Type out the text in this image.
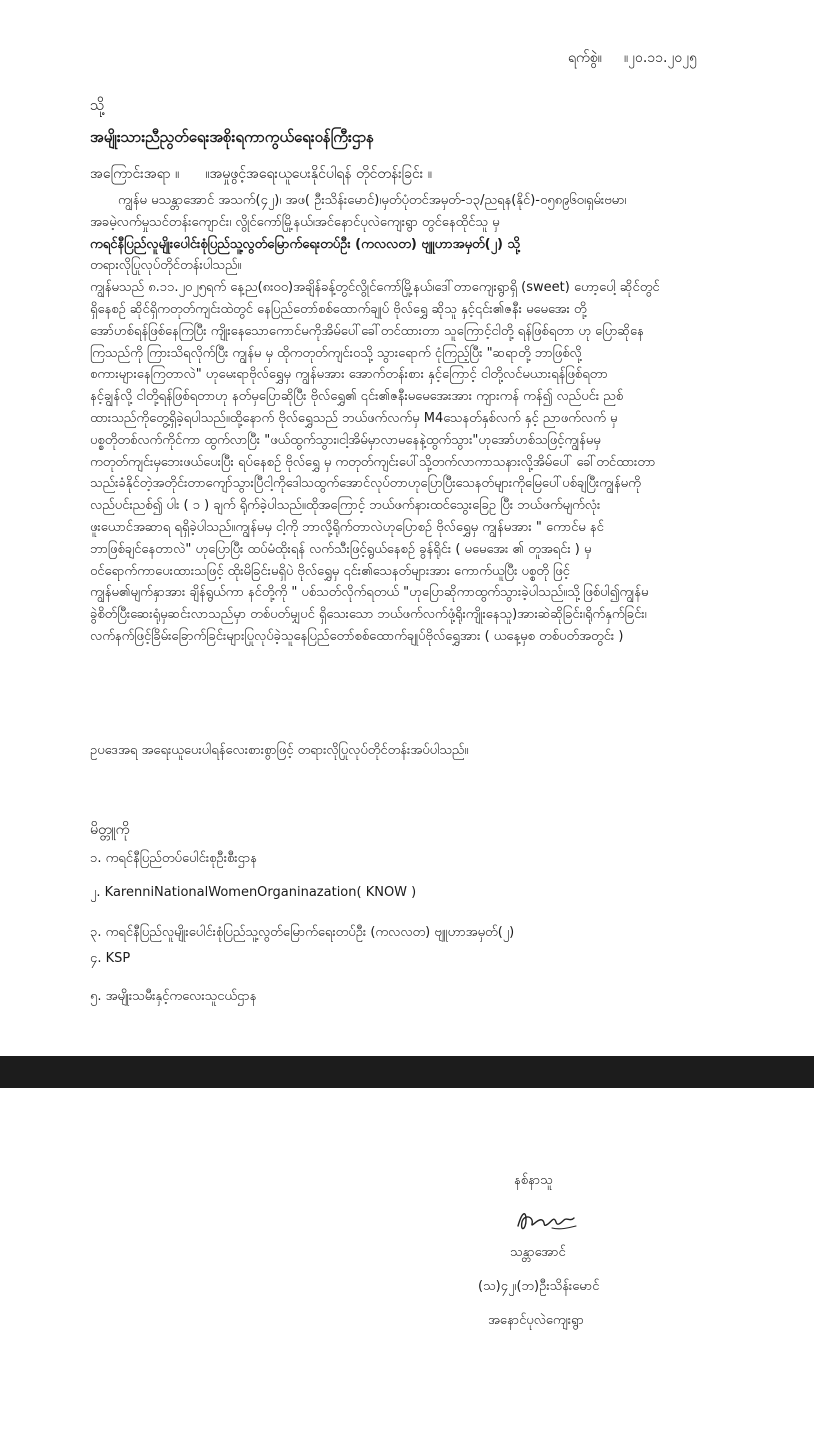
ရက်စွဲ။ ။၂၀.၁၁.၂၀၂၅
သို့
အမျိုးသားညီညွတ်ရေးအစိုးရကာကွယ်ရေးဝန်ကြီးဌာန
အကြောင်းအရာ ။ ။အမှုဖွင့်အရေးယူပေးနိုင်ပါရန် တိုင်တန်းခြင်း ။
ကျွန်မ မသန္တာအောင် အသက်(၄၂)၊ အဖ( ဦးသိန်းမောင်)၊မှတ်ပုံတင်အမှတ်-၁၃/ညရန(နိုင်)-၀၅၈၉၆၀၊ရှမ်းဗမာ၊
အခမဲ့လက်မှုသင်တန်းကျောင်း၊ လွိုင်ကော်မြို့နယ်၊အင်နောင်ပုလဲကျေးရွာ တွင်နေထိုင်သူ မှ
ကရင်နီပြည်လူမျိုးပေါင်းစုံပြည်သူ့လွတ်မြောက်ရေးတပ်ဦး (ကလလတ) ဗျူဟာအမှတ်(၂) သို့
တရားလိုပြုလုပ်တိုင်တန်းပါသည်။
ကျွန်မသည် ၈.၁၁.၂၀၂၅ရက် နေ့ည(၈း၀၀)အချိန်ခန့်တွင်လွိုင်ကော်မြို့နယ်၊ဒေါ်တာကျေးရွာရှိ (sweet) ဟော့ပေါ့ ဆိုင်တွင်
ရှိနေစဉ် ဆိုင်ရှိကတုတ်ကျင်းထဲတွင် နေပြည်တော်စစ်ထောက်ချုပ် ဗိုလ်ရွှေ ဆိုသူ နှင့်၎င်း၏ဇနီး မမေအေး တို့
အော်ဟစ်ရန်ဖြစ်နေကြပြီး ကျိုးနေသောကောင်မကိုအိမ်ပေါ်ခေါ်တင်ထားတာ သူကြောင့်ငါတို့ ရန်ဖြစ်ရတာ ဟု ပြောဆိုနေ
ကြသည်ကို ကြားသိရလိုက်ပြီး ကျွန်မ မှ ထိုကတုတ်ကျင်းဝသို့ သွားရောက် ငုံကြည့်ပြီး "ဆရာတို့ ဘာဖြစ်လို့
စကားများနေကြတာလဲ" ဟုမေးရာဗိုလ်ရွှေမှ ကျွန်မအား အောက်တန်းစား နှင့်ကြောင့် ငါတို့လင်မယားရန်ဖြစ်ရတာ
နင့်ချွန်လို့ ငါတို့ရန်ဖြစ်ရတာဟု နတ်မှပြောဆိုပြီး ဗိုလ်ရွှေ၏ ၎င်း၏ဇနီးမမေအေးအား ကျားကန် ကန်၍ လည်ပင်း ညစ်
ထားသည်ကိုတွေ့ရှိခဲ့ရပါသည်။ထို့နောက် ဗိုလ်ရွှေသည် ဘယ်ဖက်လက်မှ M4သေနတ်နှစ်လက် နှင့် ညာဖက်လက် မှ
ပစ္စတိုတစ်လက်ကိုင်ကာ ထွက်လာပြီး "ဖယ်ထွက်သွား၊ငါ့အိမ်မှာလာမနေနဲ့ထွက်သွား"ဟုအော်ဟစ်သဖြင့်ကျွန်မမှ
ကတုတ်ကျင်းမှဘေးဖယ်ပေးပြီး ရပ်နေစဉ် ဗိုလ်ရွှေ မှ ကတုတ်ကျင်းပေါ်သို့တက်လာကာသနားလို့အိမ်ပေါ် ခေါ်တင်ထားတာ
သည်းခံနိုင်တဲ့အတိုင်းတာကျော်သွားပြီငါ့ကိုဒေါသထွက်အောင်လုပ်တာဟုပြောပြီးသေနတ်များကိုမြေပေါ်ပစ်ချပြီးကျွန်မကို
လည်ပင်းညစ်၍ ပါး ( ၁ ) ချက် ရိုက်ခဲ့ပါသည်။ထိုအကြောင့် ဘယ်ဖက်နားထင်သွေးခြေဥ ပြီး ဘယ်ဖက်မျက်လုံး
ဖူးယောင်အဆာရ ရရှိခဲ့ပါသည်။ကျွန်မမှ ငါ့ကို ဘာလို့ရိုက်တာလဲဟုပြောစဉ် ဗိုလ်ရွှေမှ ကျွန်မအား " ကောင်မ နင်
ဘာဖြစ်ချင်နေတာလဲ" ဟုပြောပြီး ထပ်မံထိုးရန် လက်သီးဖြင့်ရွယ်နေစဉ် ခွန်ရိုင်း ( မမေအေး ၏ တူအရင်း ) မှ
ဝင်ရောက်ကာပေးထားသဖြင့် ထိုးမိခြင်းမရှိပဲ ဗိုလ်ရွှေမှ ၎င်း၏သေနတ်များအား ကောက်ယူပြီး ပစ္စတို ဖြင့်
ကျွန်မ၏မျက်နှာအား ချိန်ရွယ်ကာ နင်တို့ကို " ပစ်သတ်လိုက်ရတယ် "ဟုပြောဆိုကာထွက်သွားခဲ့ပါသည်။သို့ဖြစ်ပါ၍ကျွန်မ
ခွဲစိတ်ပြီးဆေးရုံမှဆင်းလာသည်မှာ တစ်ပတ်မျှပင် ရှိသေးသော ဘယ်ဖက်လက်ဖုံ့ရိုးကျိုးနေသူ)အားဆဲဆိုခြင်း၊ရိုက်နှက်ခြင်း၊
လက်နက်ဖြင့်ခြိမ်းခြောက်ခြင်းများပြုလုပ်ခဲ့သူနေပြည်တော်စစ်ထောက်ချုပ်ဗိုလ်ရွှေအား ( ယနေ့မှစ တစ်ပတ်အတွင်း )
ဥပဒေအရ အရေးယူပေးပါရန်လေးစားစွာဖြင့် တရားလိုပြုလုပ်တိုင်တန်းအပ်ပါသည်။
မိတ္တူကို
၁. ကရင်နီပြည်တပ်ပေါင်းစုဦးစီးဌာန
၂. KarenniNationalWomenOrganinazation( KNOW )
၃. ကရင်နီပြည်လူမျိုးပေါင်းစုံပြည်သူ့လွတ်မြောက်ရေးတပ်ဦး (ကလလတ) ဗျူဟာအမှတ်(၂)
၄. KSP
၅. အမျိုးသမီးနှင့်ကလေးသူငယ်ဌာန
နစ်နာသူ
သန္တာအောင်
(သ)၄၂၊(ဘ)ဦးသိန်းမောင်
အနောင်ပုလဲကျေးရွာ
